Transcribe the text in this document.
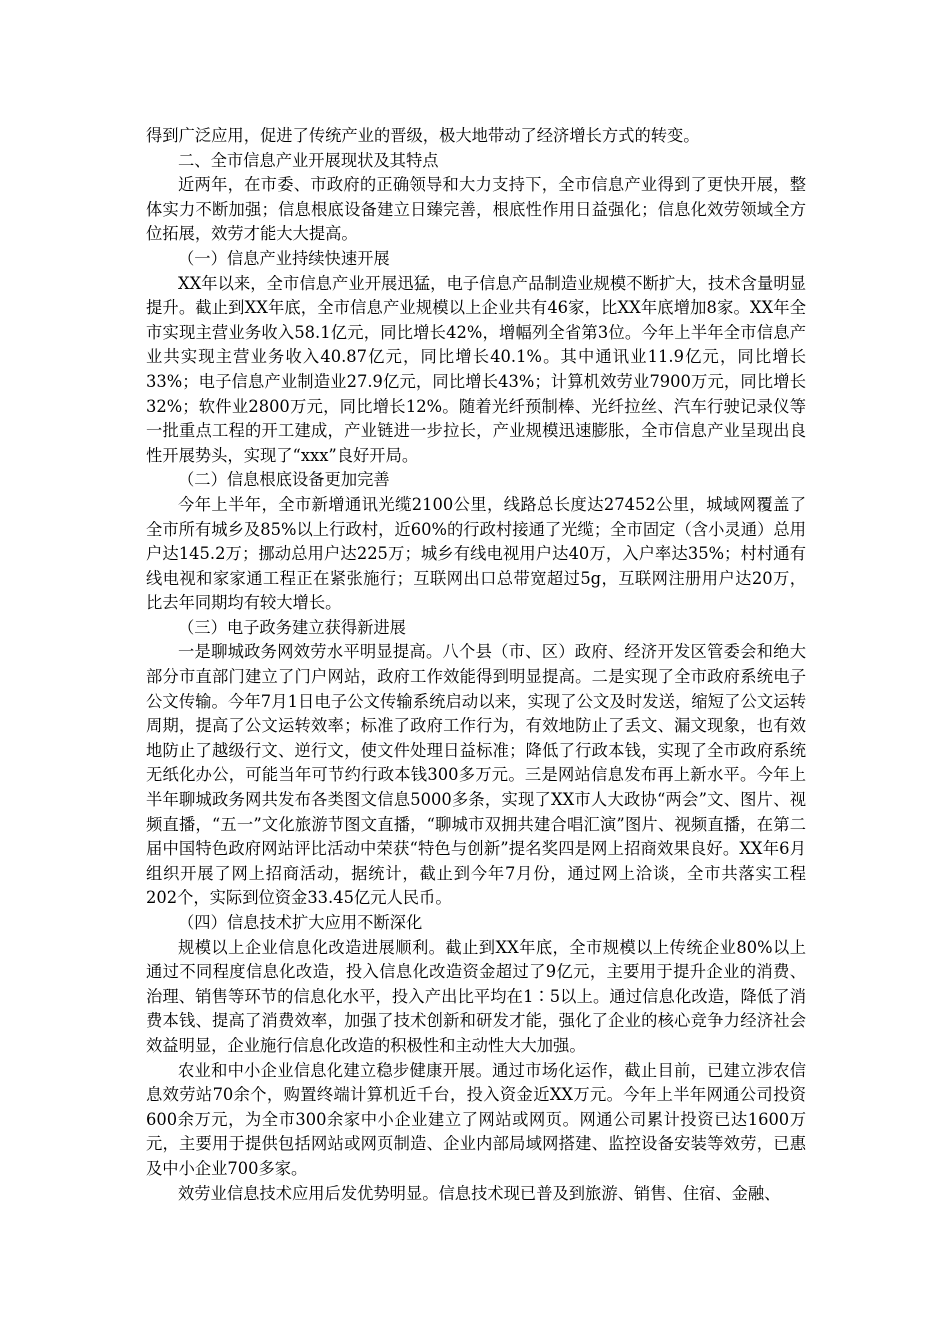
得到广泛应用，促进了传统产业的晋级，极大地带动了经济增长方式的转变。

二、全市信息产业开展现状及其特点

近两年，在市委、市政府的正确领导和大力支持下，全市信息产业得到了更快开展，整体实力不断加强；信息根底设备建立日臻完善，根底性作用日益强化；信息化效劳领域全方位拓展，效劳才能大大提高。

（一）信息产业持续快速开展

XX年以来，全市信息产业开展迅猛，电子信息产品制造业规模不断扩大，技术含量明显提升。截止到XX年底，全市信息产业规模以上企业共有46家，比XX年底增加8家。XX年全市实现主营业务收入58.1亿元，同比增长42%，增幅列全省第3位。今年上半年全市信息产业共实现主营业务收入40.87亿元，同比增长40.1%。其中通讯业11.9亿元，同比增长33%；电子信息产业制造业27.9亿元，同比增长43%；计算机效劳业7900万元，同比增长32%；软件业2800万元，同比增长12%。随着光纤预制棒、光纤拉丝、汽车行驶记录仪等一批重点工程的开工建成，产业链进一步拉长，产业规模迅速膨胀，全市信息产业呈现出良性开展势头，实现了“xxx”良好开局。

（二）信息根底设备更加完善

今年上半年，全市新增通讯光缆2100公里，线路总长度达27452公里，城域网覆盖了全市所有城乡及85%以上行政村，近60%的行政村接通了光缆；全市固定（含小灵通）总用户达145.2万；挪动总用户达225万；城乡有线电视用户达40万，入户率达35%；村村通有线电视和家家通工程正在紧张施行；互联网出口总带宽超过5g，互联网注册用户达20万，比去年同期均有较大增长。

（三）电子政务建立获得新进展

一是聊城政务网效劳水平明显提高。八个县（市、区）政府、经济开发区管委会和绝大部分市直部门建立了门户网站，政府工作效能得到明显提高。二是实现了全市政府系统电子公文传输。今年7月1日电子公文传输系统启动以来，实现了公文及时发送，缩短了公文运转周期，提高了公文运转效率；标准了政府工作行为，有效地防止了丢文、漏文现象，也有效地防止了越级行文、逆行文，使文件处理日益标准；降低了行政本钱，实现了全市政府系统无纸化办公，可能当年可节约行政本钱300多万元。三是网站信息发布再上新水平。今年上半年聊城政务网共发布各类图文信息5000多条，实现了XX市人大政协“两会”文、图片、视频直播，“五一”文化旅游节图文直播，“聊城市双拥共建合唱汇演”图片、视频直播，在第二届中国特色政府网站评比活动中荣获“特色与创新”提名奖四是网上招商效果良好。XX年6月组织开展了网上招商活动，据统计，截止到今年7月份，通过网上洽谈，全市共落实工程202个，实际到位资金33.45亿元人民币。

（四）信息技术扩大应用不断深化

规模以上企业信息化改造进展顺利。截止到XX年底，全市规模以上传统企业80%以上通过不同程度信息化改造，投入信息化改造资金超过了9亿元，主要用于提升企业的消费、治理、销售等环节的信息化水平，投入产出比平均在1∶5以上。通过信息化改造，降低了消费本钱、提高了消费效率，加强了技术创新和研发才能，强化了企业的核心竞争力经济社会效益明显，企业施行信息化改造的积极性和主动性大大加强。

农业和中小企业信息化建立稳步健康开展。通过市场化运作，截止目前，已建立涉农信息效劳站70余个，购置终端计算机近千台，投入资金近XX万元。今年上半年网通公司投资600余万元，为全市300余家中小企业建立了网站或网页。网通公司累计投资已达1600万元，主要用于提供包括网站或网页制造、企业内部局域网搭建、监控设备安装等效劳，已惠及中小企业700多家。

效劳业信息技术应用后发优势明显。信息技术现已普及到旅游、销售、住宿、金融、
